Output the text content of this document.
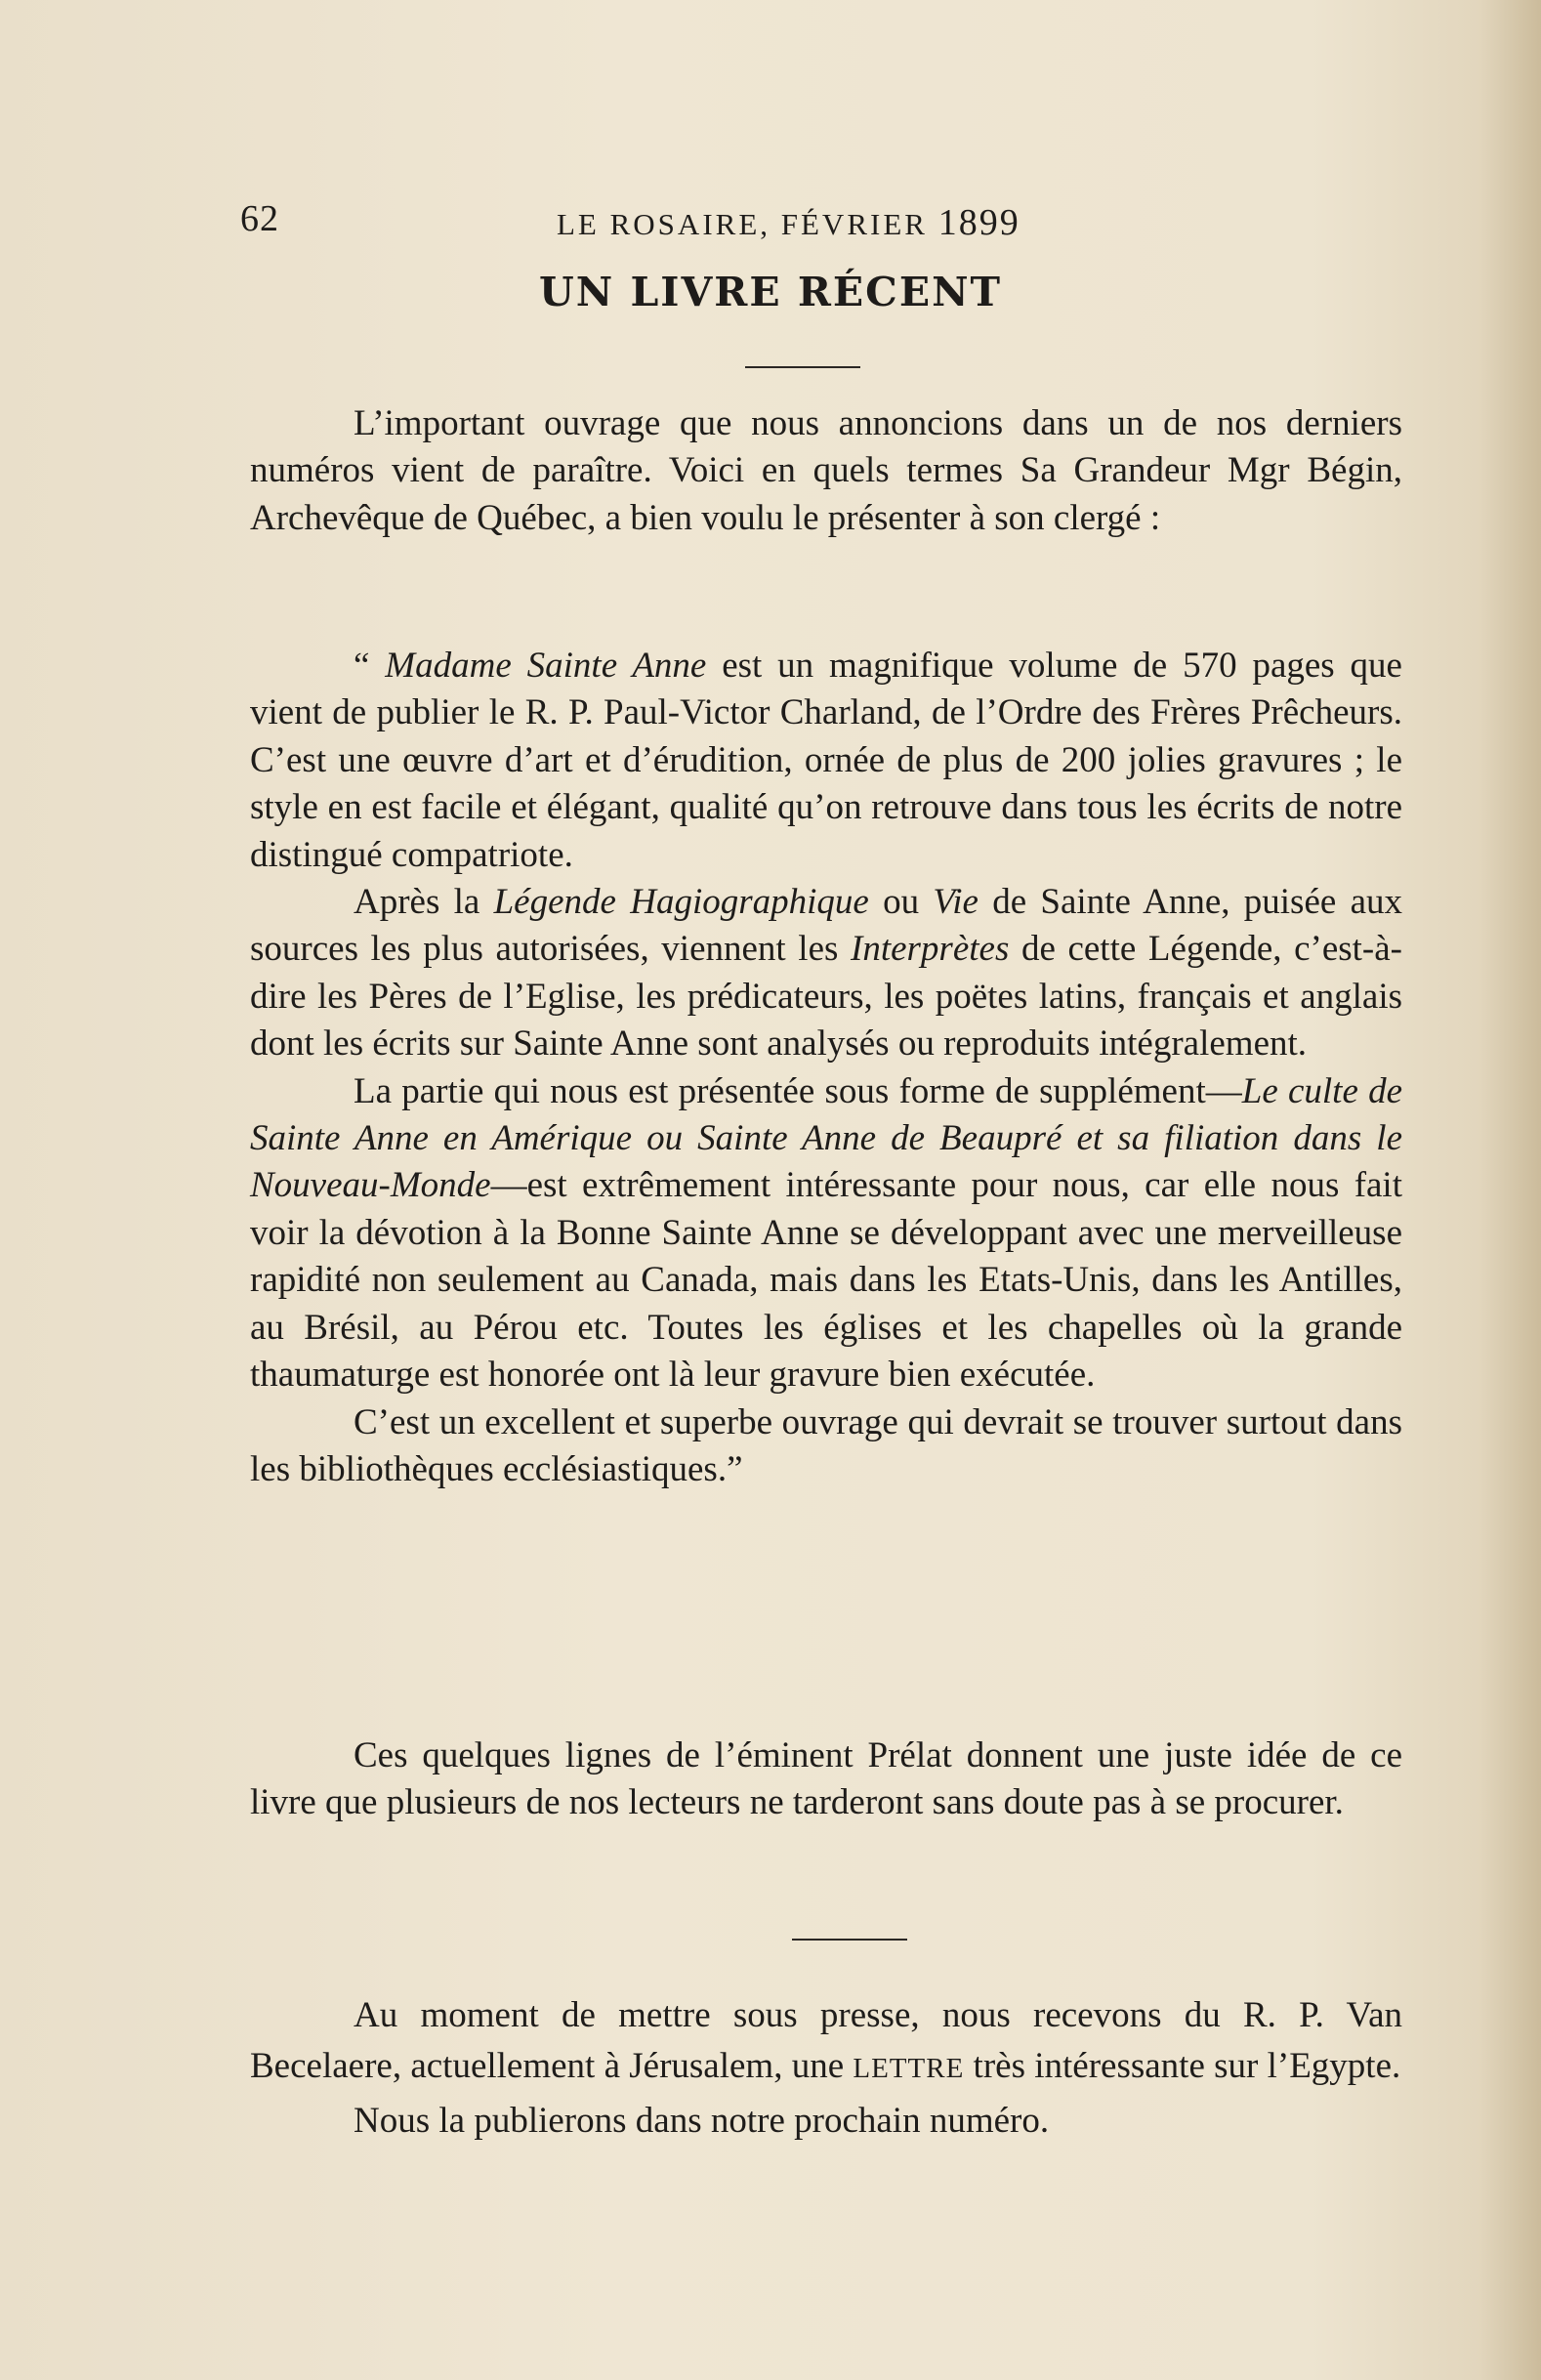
62	LE ROSAIRE, FÉVRIER 1899
UN LIVRE RÉCENT

L’important ouvrage que nous annoncions dans un de nos derniers numéros vient de paraître. Voici en quels termes Sa Grandeur Mgr Bégin, Archevêque de Québec, a bien voulu le présenter à son clergé :

“ Madame Sainte Anne est un magnifique volume de 570 pages que vient de publier le R. P. Paul-Victor Charland, de l’Ordre des Frères Prêcheurs. C’est une œuvre d’art et d’érudition, ornée de plus de 200 jolies gravures ; le style en est facile et élégant, qualité qu’on retrouve dans tous les écrits de notre distingué compatriote.

Après la Légende Hagiographique ou Vie de Sainte Anne, puisée aux sources les plus autorisées, viennent les Interprètes de cette Légende, c’est-à-dire les Pères de l’Eglise, les prédicateurs, les poëtes latins, français et anglais dont les écrits sur Sainte Anne sont analysés ou reproduits intégralement.

La partie qui nous est présentée sous forme de supplément—Le culte de Sainte Anne en Amérique ou Sainte Anne de Beaupré et sa filiation dans le Nouveau-Monde—est extrêmement intéressante pour nous, car elle nous fait voir la dévotion à la Bonne Sainte Anne se développant avec une merveilleuse rapidité non seulement au Canada, mais dans les Etats-Unis, dans les Antilles, au Brésil, au Pérou etc. Toutes les églises et les chapelles où la grande thaumaturge est honorée ont là leur gravure bien exécutée.

C’est un excellent et superbe ouvrage qui devrait se trouver surtout dans les bibliothèques ecclésiastiques.”

Ces quelques lignes de l’éminent Prélat donnent une juste idée de ce livre que plusieurs de nos lecteurs ne tarderont sans doute pas à se procurer.

Au moment de mettre sous presse, nous recevons du R. P. Van Becelaere, actuellement à Jérusalem, une LETTRE très intéressante sur l’Egypte.

Nous la publierons dans notre prochain numéro.
